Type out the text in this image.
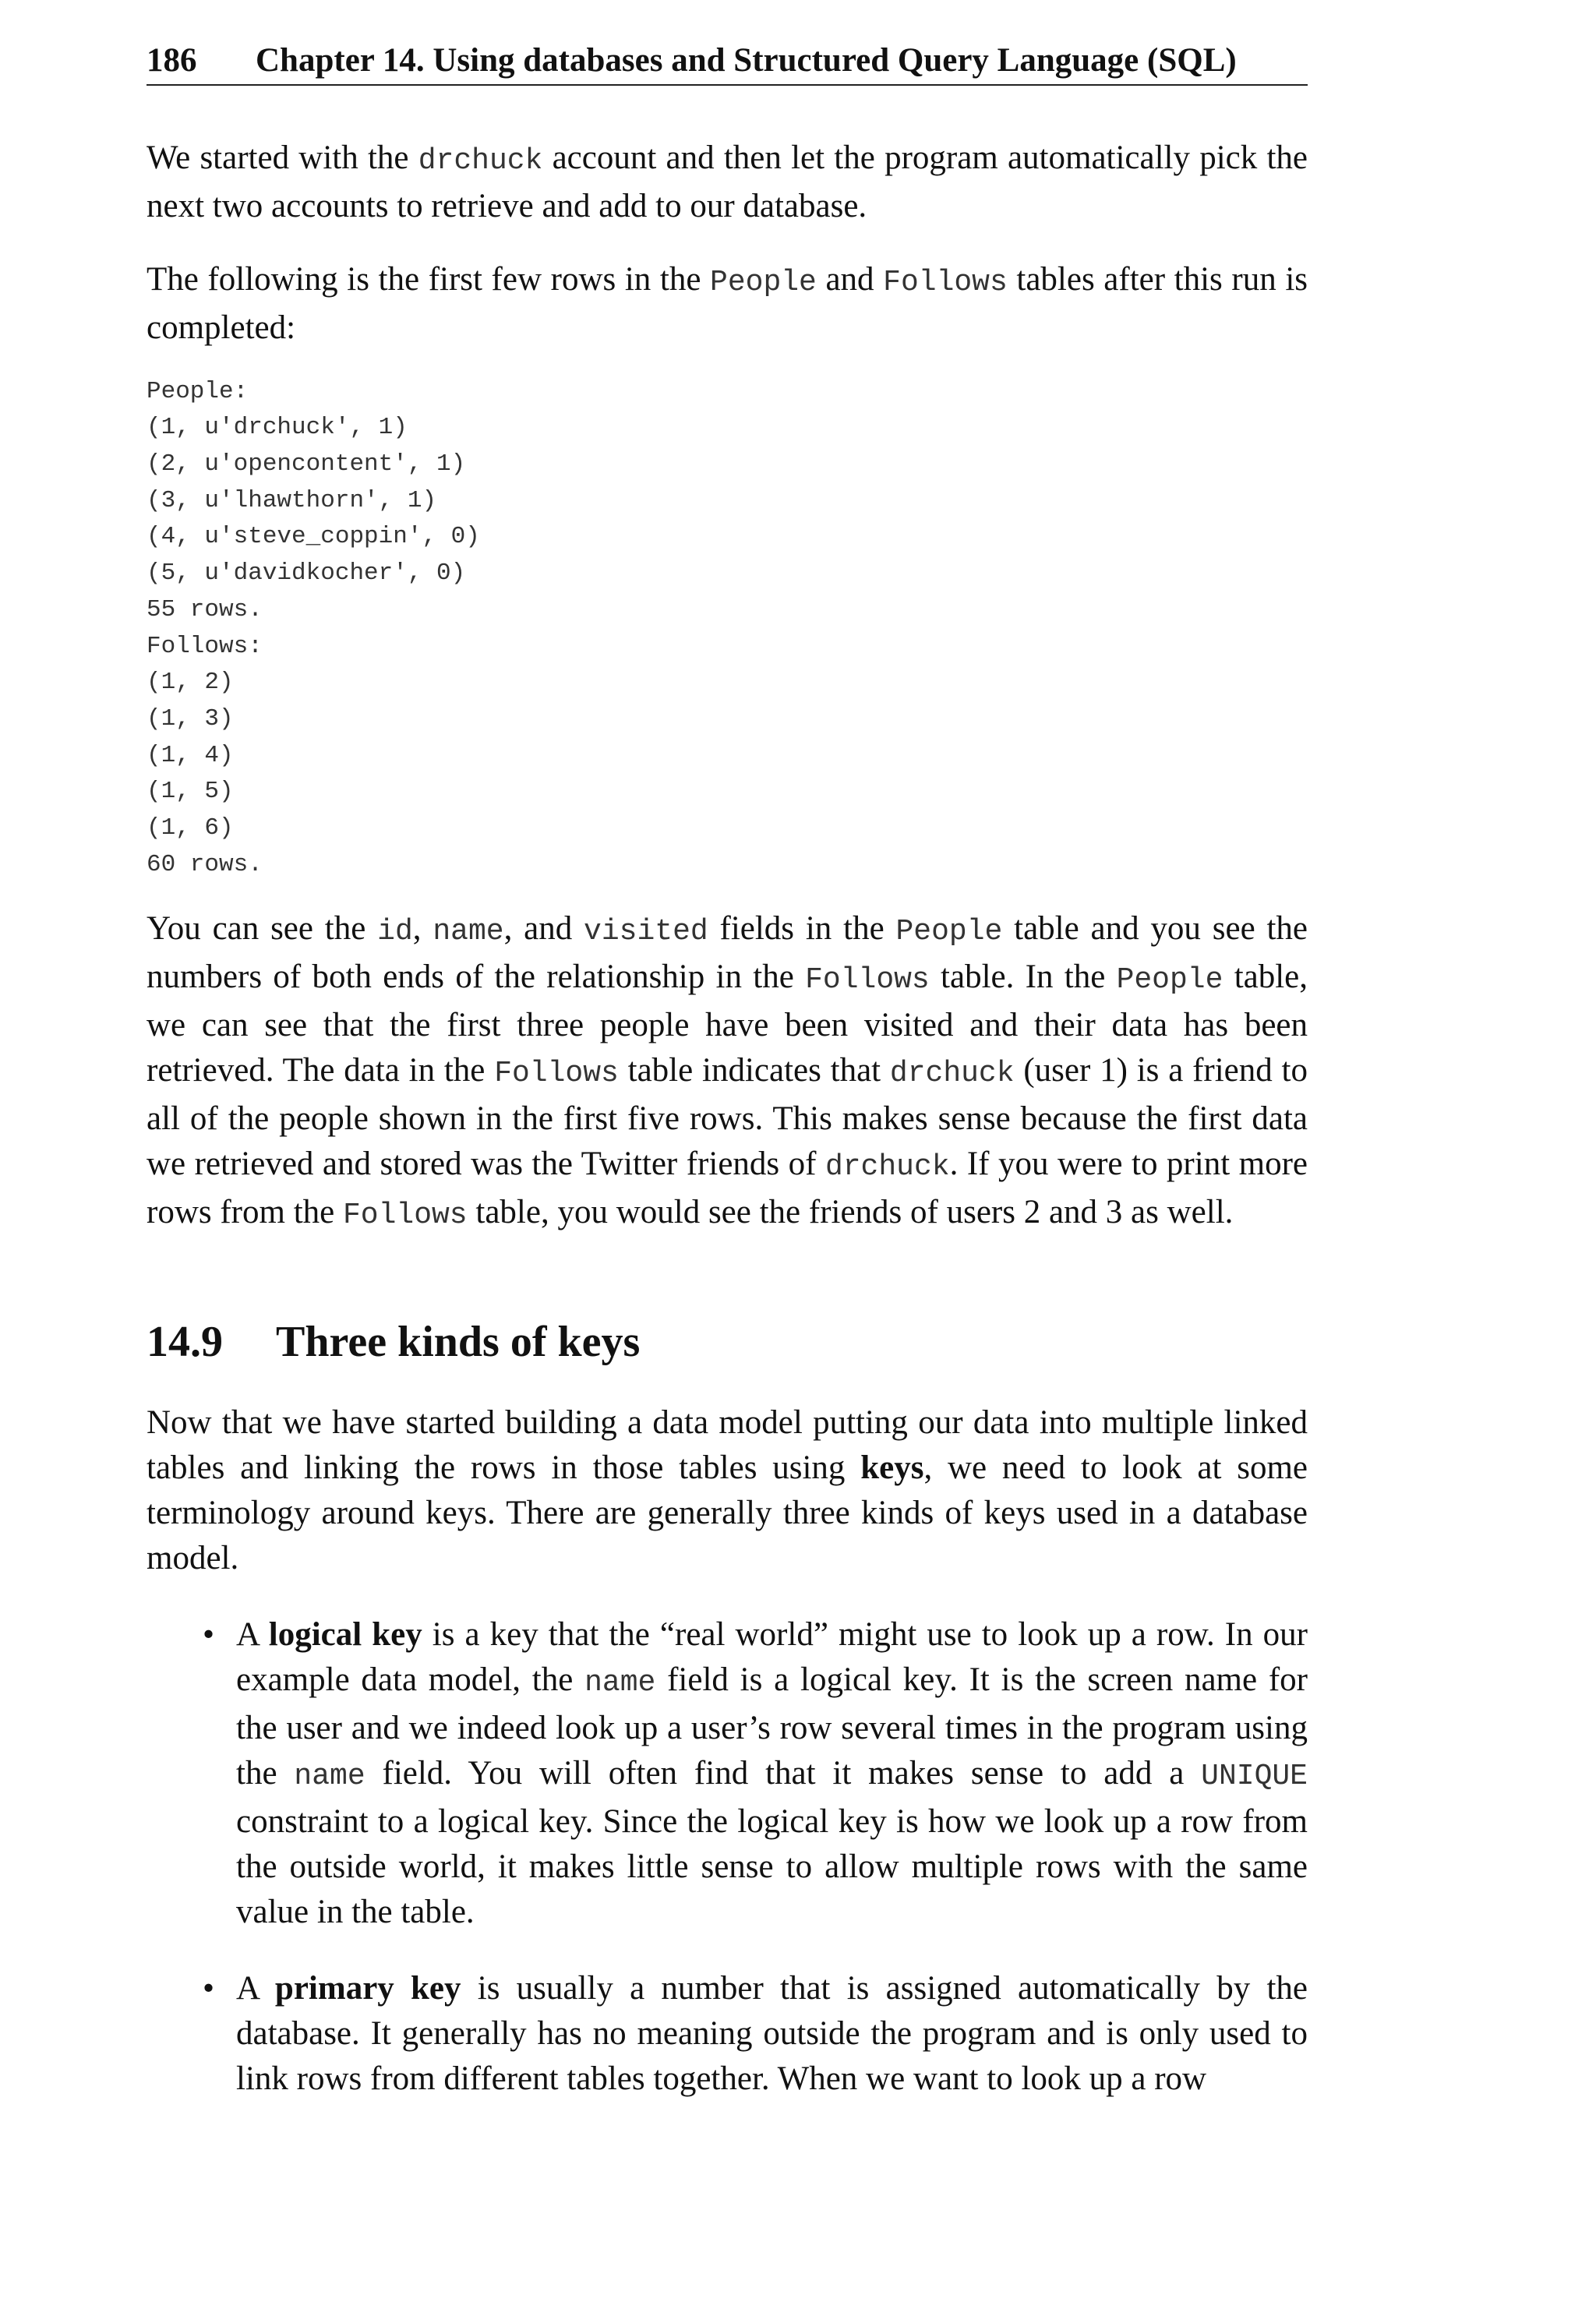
186	Chapter 14. Using databases and Structured Query Language (SQL)

We started with the drchuck account and then let the program automatically pick the next two accounts to retrieve and add to our database.

The following is the first few rows in the People and Follows tables after this run is completed:

People:
(1, u'drchuck', 1)
(2, u'opencontent', 1)
(3, u'lhawthorn', 1)
(4, u'steve_coppin', 0)
(5, u'davidkocher', 0)
55 rows.
Follows:
(1, 2)
(1, 3)
(1, 4)
(1, 5)
(1, 6)
60 rows.

You can see the id, name, and visited fields in the People table and you see the numbers of both ends of the relationship in the Follows table. In the People table, we can see that the first three people have been visited and their data has been retrieved. The data in the Follows table indicates that drchuck (user 1) is a friend to all of the people shown in the first five rows. This makes sense because the first data we retrieved and stored was the Twitter friends of drchuck. If you were to print more rows from the Follows table, you would see the friends of users 2 and 3 as well.

14.9	Three kinds of keys

Now that we have started building a data model putting our data into multiple linked tables and linking the rows in those tables using keys, we need to look at some terminology around keys. There are generally three kinds of keys used in a database model.

• A logical key is a key that the “real world” might use to look up a row. In our example data model, the name field is a logical key. It is the screen name for the user and we indeed look up a user’s row several times in the program using the name field. You will often find that it makes sense to add a UNIQUE constraint to a logical key. Since the logical key is how we look up a row from the outside world, it makes little sense to allow multiple rows with the same value in the table.

• A primary key is usually a number that is assigned automatically by the database. It generally has no meaning outside the program and is only used to link rows from different tables together. When we want to look up a row
